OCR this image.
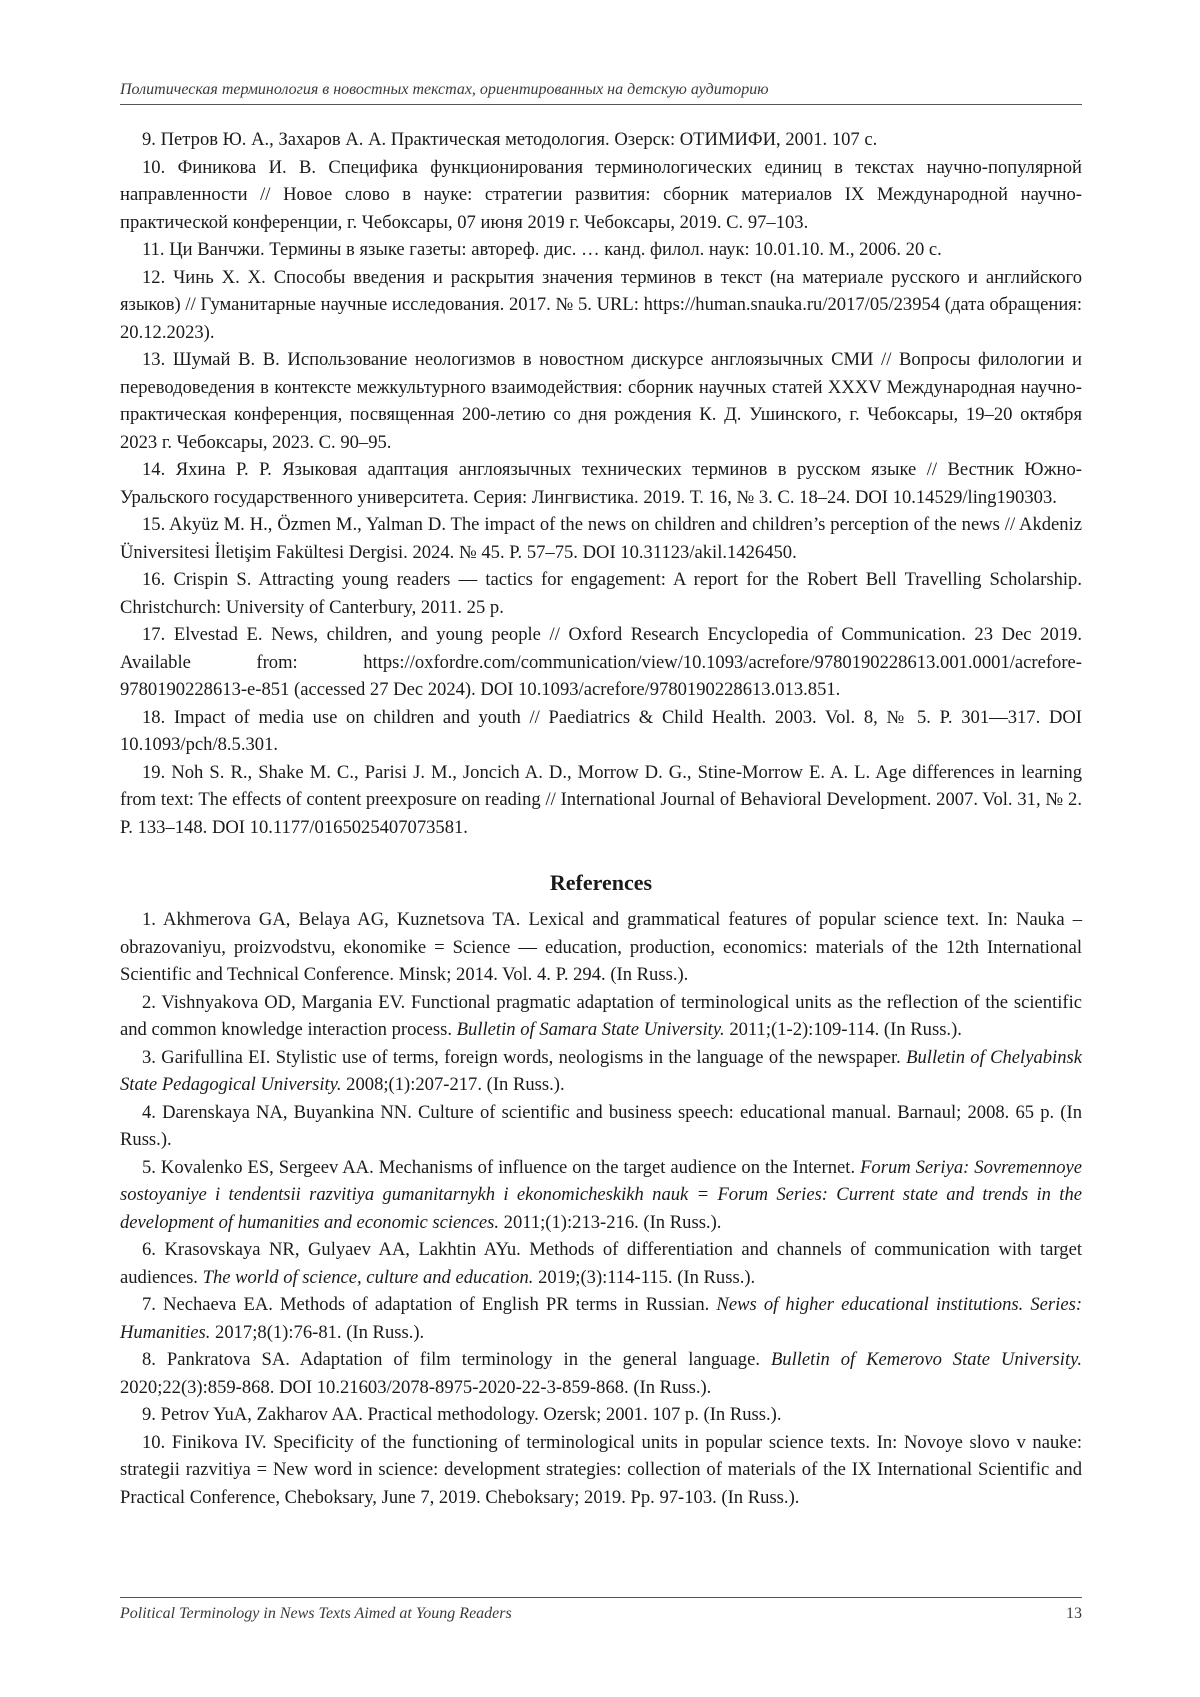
Политическая терминология в новостных текстах, ориентированных на детскую аудиторию

9. Петров Ю. А., Захаров А. А. Практическая методология. Озерск: ОТИМИФИ, 2001. 107 с.

10. Финикова И. В. Специфика функционирования терминологических единиц в текстах научно-популярной направленности // Новое слово в науке: стратегии развития: сборник материалов IX Международной научно-практической конференции, г. Чебоксары, 07 июня 2019 г. Чебоксары, 2019. С. 97–103.

11. Ци Ванчжи. Термины в языке газеты: автореф. дис. … канд. филол. наук: 10.01.10. М., 2006. 20 с.

12. Чинь Х. Х. Способы введения и раскрытия значения терминов в текст (на материале русского и английского языков) // Гуманитарные научные исследования. 2017. № 5. URL: https://human.snauka.ru/2017/05/23954 (дата обращения: 20.12.2023).

13. Шумай В. В. Использование неологизмов в новостном дискурсе англоязычных СМИ // Вопросы филологии и переводоведения в контексте межкультурного взаимодействия: сборник научных статей XXXV Международная научно-практическая конференция, посвященная 200-летию со дня рождения К. Д. Ушинского, г. Чебоксары, 19–20 октября 2023 г. Чебоксары, 2023. С. 90–95.

14. Яхина Р. Р. Языковая адаптация англоязычных технических терминов в русском языке // Вестник Южно-Уральского государственного университета. Серия: Лингвистика. 2019. Т. 16, № 3. С. 18–24. DOI 10.14529/ling190303.

15. Akyüz M. H., Özmen M., Yalman D. The impact of the news on children and children’s perception of the news // Akdeniz Üniversitesi İletişim Fakültesi Dergisi. 2024. № 45. P. 57–75. DOI 10.31123/akil.1426450.

16. Crispin S. Attracting young readers — tactics for engagement: A report for the Robert Bell Travelling Scholarship. Christchurch: University of Canterbury, 2011. 25 p.

17. Elvestad E. News, children, and young people // Oxford Research Encyclopedia of Communication. 23 Dec 2019. Available from: https://oxfordre.com/communication/view/10.1093/acrefore/9780190228613.001.0001/acrefore-9780190228613-e-851 (accessed 27 Dec 2024). DOI 10.1093/acrefore/9780190228613.013.851.

18. Impact of media use on children and youth // Paediatrics & Child Health. 2003. Vol. 8, № 5. P. 301—317. DOI 10.1093/pch/8.5.301.

19. Noh S. R., Shake M. C., Parisi J. M., Joncich A. D., Morrow D. G., Stine-Morrow E. A. L. Age differences in learning from text: The effects of content preexposure on reading // International Journal of Behavioral Development. 2007. Vol. 31, № 2. P. 133–148. DOI 10.1177/0165025407073581.

References

1. Akhmerova GA, Belaya AG, Kuznetsova TA. Lexical and grammatical features of popular science text. In: Nauka – obrazovaniyu, proizvodstvu, ekonomike = Science — education, production, economics: materials of the 12th International Scientific and Technical Conference. Minsk; 2014. Vol. 4. P. 294. (In Russ.).

2. Vishnyakova OD, Margania EV. Functional pragmatic adaptation of terminological units as the reflection of the scientific and common knowledge interaction process. Bulletin of Samara State University. 2011;(1-2):109-114. (In Russ.).

3. Garifullina EI. Stylistic use of terms, foreign words, neologisms in the language of the newspaper. Bulletin of Chelyabinsk State Pedagogical University. 2008;(1):207-217. (In Russ.).

4. Darenskaya NA, Buyankina NN. Culture of scientific and business speech: educational manual. Barnaul; 2008. 65 p. (In Russ.).

5. Kovalenko ES, Sergeev AA. Mechanisms of influence on the target audience on the Internet. Forum Seriya: Sovremennoye sostoyaniye i tendentsii razvitiya gumanitarnykh i ekonomicheskikh nauk = Forum Series: Current state and trends in the development of humanities and economic sciences. 2011;(1):213-216. (In Russ.).

6. Krasovskaya NR, Gulyaev AA, Lakhtin AYu. Methods of differentiation and channels of communication with target audiences. The world of science, culture and education. 2019;(3):114-115. (In Russ.).

7. Nechaeva EA. Methods of adaptation of English PR terms in Russian. News of higher educational institutions. Series: Humanities. 2017;8(1):76-81. (In Russ.).

8. Pankratova SA. Adaptation of film terminology in the general language. Bulletin of Kemerovo State University. 2020;22(3):859-868. DOI 10.21603/2078-8975-2020-22-3-859-868. (In Russ.).

9. Petrov YuA, Zakharov AA. Practical methodology. Ozersk; 2001. 107 p. (In Russ.).

10. Finikova IV. Specificity of the functioning of terminological units in popular science texts. In: Novoye slovo v nauke: strategii razvitiya = New word in science: development strategies: collection of materials of the IX International Scientific and Practical Conference, Cheboksary, June 7, 2019. Cheboksary; 2019. Pp. 97-103. (In Russ.).

Political Terminology in News Texts Aimed at Young Readers	13
